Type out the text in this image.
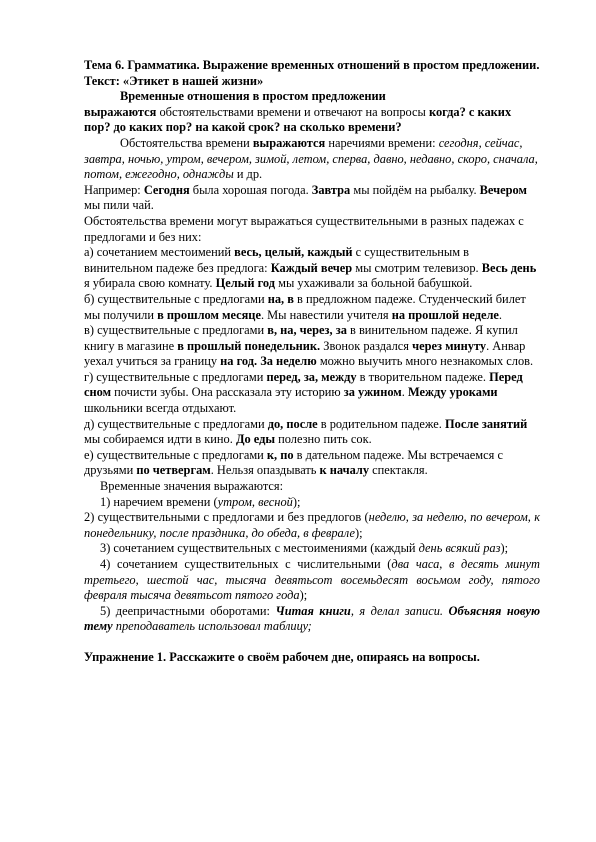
Тема 6. Грамматика. Выражение временных отношений в простом предложении.

Текст: «Этикет в нашей жизни»

Временные отношения в простом предложении

выражаются обстоятельствами времени и отвечают на вопросы когда? с каких пор? до каких пор? на какой срок? на сколько времени?

Обстоятельства времени выражаются наречиями времени: сегодня, сейчас, завтра, ночью, утром, вечером, зимой, летом, сперва, давно, недавно, скоро, сначала, потом, ежегодно, однажды и др.

Например: Сегодня была хорошая погода. Завтра мы пойдём на рыбалку. Вечером мы пили чай.

Обстоятельства времени могут выражаться существительными в разных падежах с предлогами и без них:

а) сочетанием местоимений весь, целый, каждый с существительным в винительном падеже без предлога: Каждый вечер мы смотрим телевизор. Весь день я убирала свою комнату. Целый год мы ухаживали за больной бабушкой.

б) существительные с предлогами на, в в предложном падеже. Студенческий билет мы получили в прошлом месяце. Мы навестили учителя на прошлой неделе.

в) существительные с предлогами в, на, через, за в винительном падеже. Я купил книгу в магазине в прошлый понедельник. Звонок раздался через минуту. Анвар уехал учиться за границу на год. За неделю можно выучить много незнакомых слов.

г) существительные с предлогами перед, за, между в творительном падеже. Перед сном почисти зубы. Она рассказала эту историю за ужином. Между уроками школьники всегда отдыхают.

д) существительные с предлогами до, после в родительном падеже. После занятий мы собираемся идти в кино. До еды полезно пить сок.

е) существительные с предлогами к, по в дательном падеже. Мы встречаемся с друзьями по четвергам. Нельзя опаздывать к началу спектакля.

Временные значения выражаются:

1) наречием времени (утром, весной);

2) существительными с предлогами и без предлогов (неделю, за неделю, по вечером, к понедельнику, после праздника, до обеда, в феврале);

3) сочетанием существительных с местоимениями (каждый день всякий раз);

4) сочетанием существительных с числительными (два часа, в десять минут третьего, шестой час, тысяча девятьсот восемьдесят восьмом году, пятого февраля тысяча девятьсот пятого года);

5) деепричастными оборотами: Читая книги, я делал записи. Объясняя новую тему преподаватель использовал таблицу;

Упражнение 1. Расскажите о своём рабочем дне, опираясь на вопросы.
